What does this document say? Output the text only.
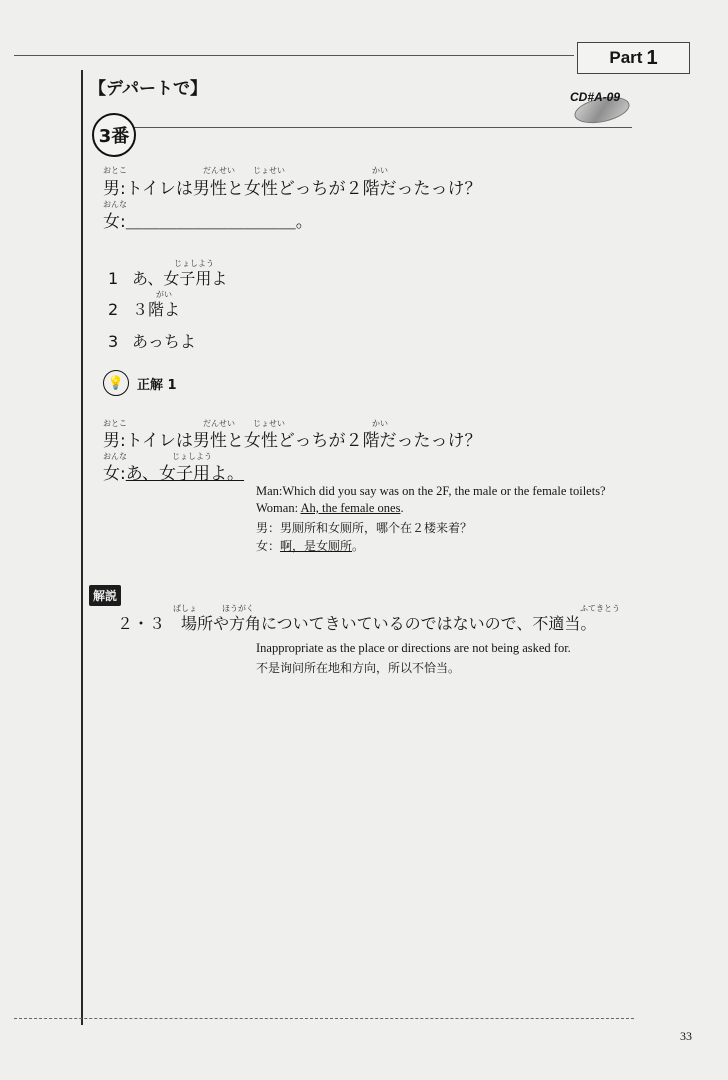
Part 1
【デパートで】	CD#A-09
3番
おとこ	だんせい じょせい	かい
男:トイレは男性と女性どっちが２階だったっけ？
おんな
女:＿＿＿＿＿＿＿＿＿＿。
じょしよう
1 あ、女子用よ
がい
2 ３階よ
3 あっちよ
💡 正解 1
おとこ	だんせい じょせい	かい
男:トイレは男性と女性どっちが２階だったっけ？
おんな	じょしよう
女:あ、女子用よ。
Man:Which did you say was on the 2F, the male or the female toilets?
Woman: Ah, the female ones.
男：男厕所和女厕所，哪个在２楼来着？
女：啊，是女厕所。
解説
ばしょ	ほうがく	ふてきとう
２・３　場所や方角についてきいているのではないので、不適当。
Inappropriate as the place or directions are not being asked for.
不是询问所在地和方向，所以不恰当。
33
